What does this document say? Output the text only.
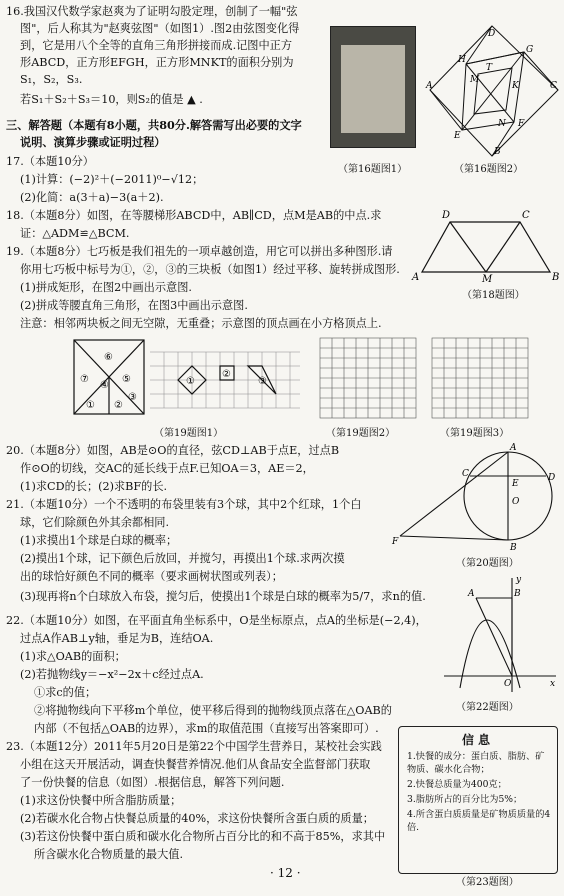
16.我国汉代数学家赵爽为了证明勾股定理，创制了一幅"弦
图"，后人称其为"赵爽弦图"（如图1）.图2由弦图变化得
到，它是用八个全等的直角三角形拼接而成.记图中正方
形ABCD，正方形EFGH，正方形MNKT的面积分别为
S₁，S₂，S₃.
若S₁＋S₂＋S₃＝10，则S₂的值是 ▲ .
（第16题图1）
D
C
A
B
H
G
F
E
M
N
K
T
（第16题图2）
三、解答题（本题有8小题，共80分.解答需写出必要的文字
说明、演算步骤或证明过程）
17.（本题10分）
(1)计算：(−2)²＋(−2011)⁰−√12；
(2)化简：a(3＋a)−3(a＋2).
18.（本题8分）如图，在等腰梯形ABCD中，AB∥CD，点M是AB的中点.求
证：△ADM≌△BCM.
A	B
C
D
M
（第18题图）
19.（本题8分）七巧板是我们祖先的一项卓越创造，用它可以拼出多种图形.请
你用七巧板中标号为①，②，③的三块板（如图1）经过平移、旋转拼成图形.
(1)拼成矩形，在图2中画出示意图.
(2)拼成等腰直角三角形，在图3中画出示意图.
注意：相邻两块板之间无空隙，无重叠；示意图的顶点画在小方格顶点上.
⑥
⑦	⑤
④
① ②
③
①
②
③
（第19题图1）	（第19题图2）	（第19题图3）
20.（本题8分）如图，AB是⊙O的直径，弦CD⊥AB于点E，过点B
作⊙O的切线，交AC的延长线于点F.已知OA＝3，AE＝2，
(1)求CD的长；(2)求BF的长.
A
B
C	D
E
F
O
（第20题图）
21.（本题10分）一个不透明的布袋里装有3个球，其中2个红球，1个白
球，它们除颜色外其余都相同.
(1)求摸出1个球是白球的概率；
(2)摸出1个球，记下颜色后放回，并搅匀，再摸出1个球.求两次摸
出的球恰好颜色不同的概率（要求画树状图或列表）；
(3)现再将n个白球放入布袋，搅匀后，使摸出1个球是白球的概率为5/7，求n的值.
22.（本题10分）如图，在平面直角坐标系中，O是坐标原点，点A的坐标是(−2,4)，
过点A作AB⊥y轴，垂足为B，连结OA.
(1)求△OAB的面积；
(2)若抛物线y＝−x²−2x＋c经过点A.
①求c的值；
②将抛物线向下平移m个单位，使平移后得到的抛物线顶点落在△OAB的
内部（不包括△OAB的边界），求m的取值范围（直接写出答案即可）.
A	B
O	x
y
（第22题图）
23.（本题12分）2011年5月20日是第22个中国学生营养日，某校社会实践
小组在这天开展活动，调查快餐营养情况.他们从食品安全监督部门获取
了一份快餐的信息（如图）.根据信息，解答下列问题.
(1)求这份快餐中所含脂肪质量；
(2)若碳水化合物占快餐总质量的40%，求这份快餐所含蛋白质的质量；
(3)若这份快餐中蛋白质和碳水化合物所占百分比的和不高于85%，求其中
所含碳水化合物质量的最大值.
信息
1.快餐的成分：蛋白质、脂肪、矿物质、碳水化合物；
2.快餐总质量为400克；
3.脂肪所占的百分比为5%；
4.所含蛋白质质量是矿物质质量的4倍.
（第23题图）
· 12 ·
